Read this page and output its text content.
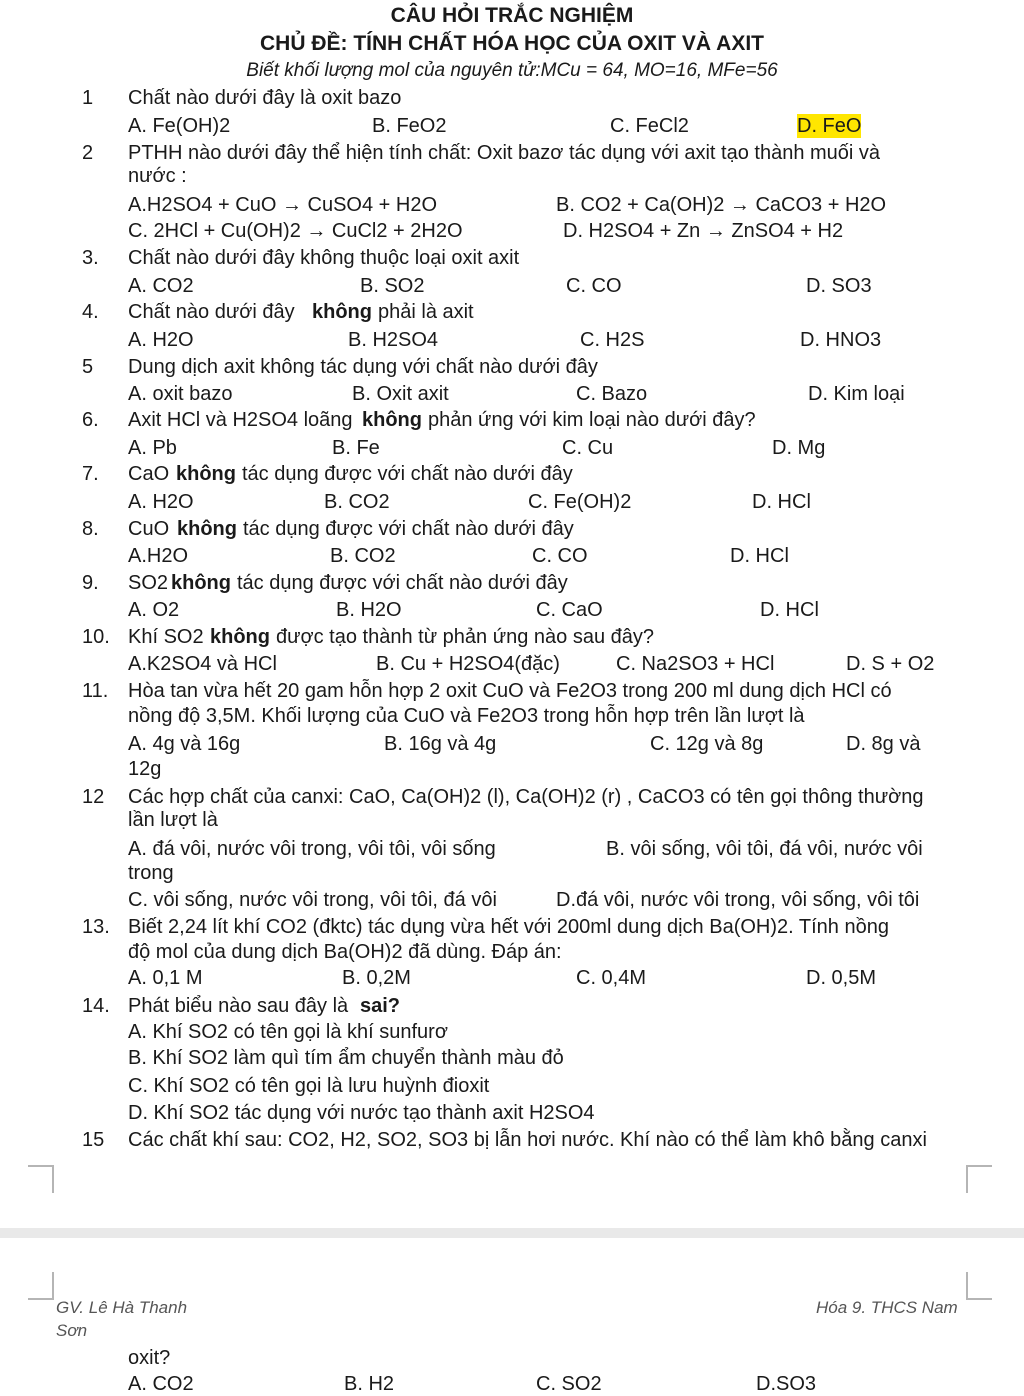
CÂU HỎI TRẮC NGHIỆM
CHỦ ĐỀ: TÍNH CHẤT HÓA HỌC CỦA OXIT VÀ AXIT
Biết khối lượng mol của nguyên tử:MCu = 64, MO=16, MFe=56
1 Chất nào dưới đây là oxit bazo
A. Fe(OH)2	B. FeO2	C. FeCl2	D. FeO
2 PTHH nào dưới đây thể hiện tính chất: Oxit bazơ tác dụng với axit tạo thành muối và
nước :
A.H2SO4 + CuO → CuSO4 + H2O	B. CO2 + Ca(OH)2 → CaCO3 + H2O
C. 2HCl + Cu(OH)2 → CuCl2 + 2H2O	D. H2SO4 + Zn → ZnSO4 + H2
3. Chất nào dưới đây không thuộc loại oxit axit
A. CO2	B. SO2	C. CO	D. SO3
4. Chất nào dưới đây không phải là axit
A. H2O	B. H2SO4	C. H2S	D. HNO3
5 Dung dịch axit không tác dụng với chất nào dưới đây
A. oxit bazo	B. Oxit axit	C. Bazo	D. Kim loại
6. Axit HCl và H2SO4 loãng không phản ứng với kim loại nào dưới đây?
A. Pb	B. Fe	C. Cu	D. Mg
7. CaO không tác dụng được với chất nào dưới đây
A. H2O	B. CO2	C. Fe(OH)2	D. HCl
8. CuO không tác dụng được với chất nào dưới đây
A.H2O	B. CO2	C. CO	D. HCl
9. SO2 không tác dụng được với chất nào dưới đây
A. O2	B. H2O	C. CaO	D. HCl
10. Khí SO2 không được tạo thành từ phản ứng nào sau đây?
A.K2SO4 và HCl	B. Cu + H2SO4(đặc)	C. Na2SO3 + HCl	D. S + O2
11. Hòa tan vừa hết 20 gam hỗn hợp 2 oxit CuO và Fe2O3 trong 200 ml dung dịch HCl có
nồng độ 3,5M. Khối lượng của CuO và Fe2O3 trong hỗn hợp trên lần lượt là
A. 4g và 16g	B. 16g và 4g	C. 12g và 8g	D. 8g và
12g
12 Các hợp chất của canxi: CaO, Ca(OH)2 (l), Ca(OH)2 (r) , CaCO3 có tên gọi thông thường
lần lượt là
A. đá vôi, nước vôi trong, vôi tôi, vôi sống	B. vôi sống, vôi tôi, đá vôi, nước vôi
trong
C. vôi sống, nước vôi trong, vôi tôi, đá vôi	D.đá vôi, nước vôi trong, vôi sống, vôi tôi
13. Biết 2,24 lít khí CO2 (đktc) tác dụng vừa hết với 200ml dung dịch Ba(OH)2. Tính nồng
độ mol của dung dịch Ba(OH)2 đã dùng. Đáp án:
A. 0,1 M	B. 0,2M	C. 0,4M	D. 0,5M
14. Phát biểu nào sau đây là sai?
A. Khí SO2 có tên gọi là khí sunfurơ
B. Khí SO2 làm quì tím ẩm chuyển thành màu đỏ
C. Khí SO2 có tên gọi là lưu huỳnh đioxit
D. Khí SO2 tác dụng với nước tạo thành axit H2SO4
15 Các chất khí sau: CO2, H2, SO2, SO3 bị lẫn hơi nước. Khí nào có thể làm khô bằng canxi
oxit?
A. CO2	B. H2	C. SO2	D.SO3
GV. Lê Hà Thanh
Sơn
Hóa 9. THCS Nam
